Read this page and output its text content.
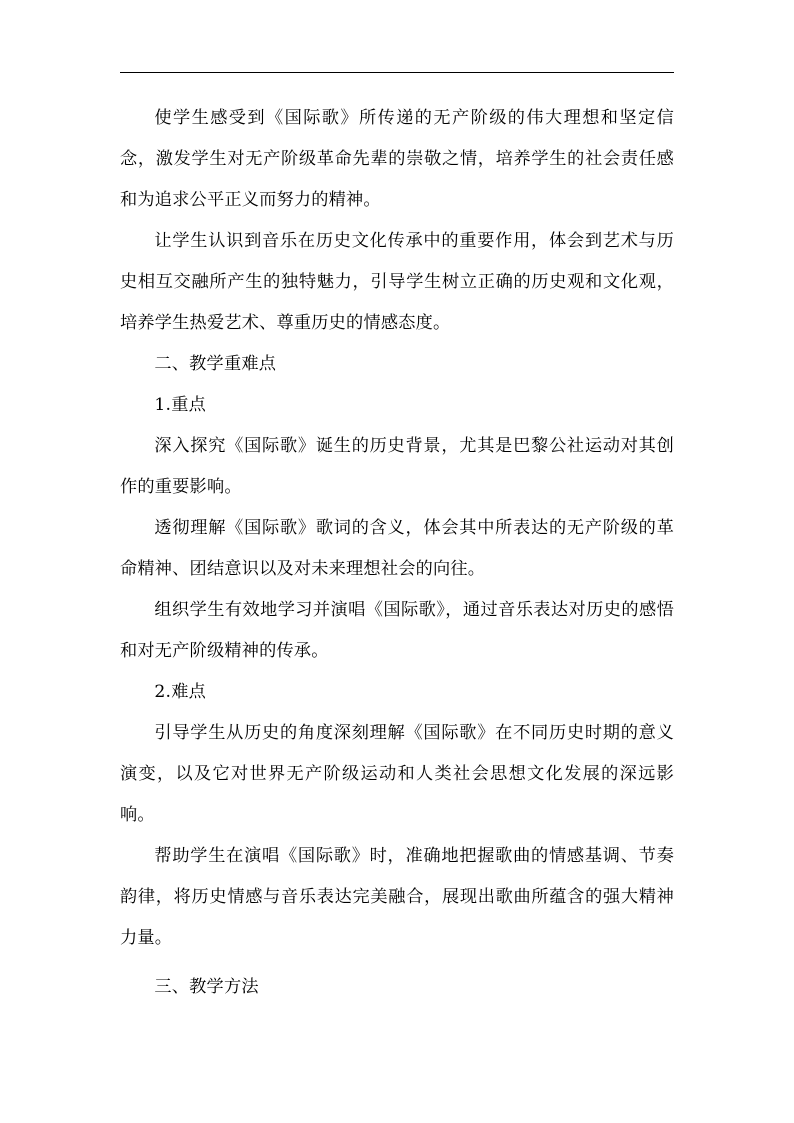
使学生感受到《国际歌》所传递的无产阶级的伟大理想和坚定信念，激发学生对无产阶级革命先辈的崇敬之情，培养学生的社会责任感和为追求公平正义而努力的精神。

让学生认识到音乐在历史文化传承中的重要作用，体会到艺术与历史相互交融所产生的独特魅力，引导学生树立正确的历史观和文化观，培养学生热爱艺术、尊重历史的情感态度。

二、教学重难点

1.重点

深入探究《国际歌》诞生的历史背景，尤其是巴黎公社运动对其创作的重要影响。

透彻理解《国际歌》歌词的含义，体会其中所表达的无产阶级的革命精神、团结意识以及对未来理想社会的向往。

组织学生有效地学习并演唱《国际歌》，通过音乐表达对历史的感悟和对无产阶级精神的传承。

2.难点

引导学生从历史的角度深刻理解《国际歌》在不同历史时期的意义演变，以及它对世界无产阶级运动和人类社会思想文化发展的深远影响。

帮助学生在演唱《国际歌》时，准确地把握歌曲的情感基调、节奏韵律，将历史情感与音乐表达完美融合，展现出歌曲所蕴含的强大精神力量。

三、教学方法
